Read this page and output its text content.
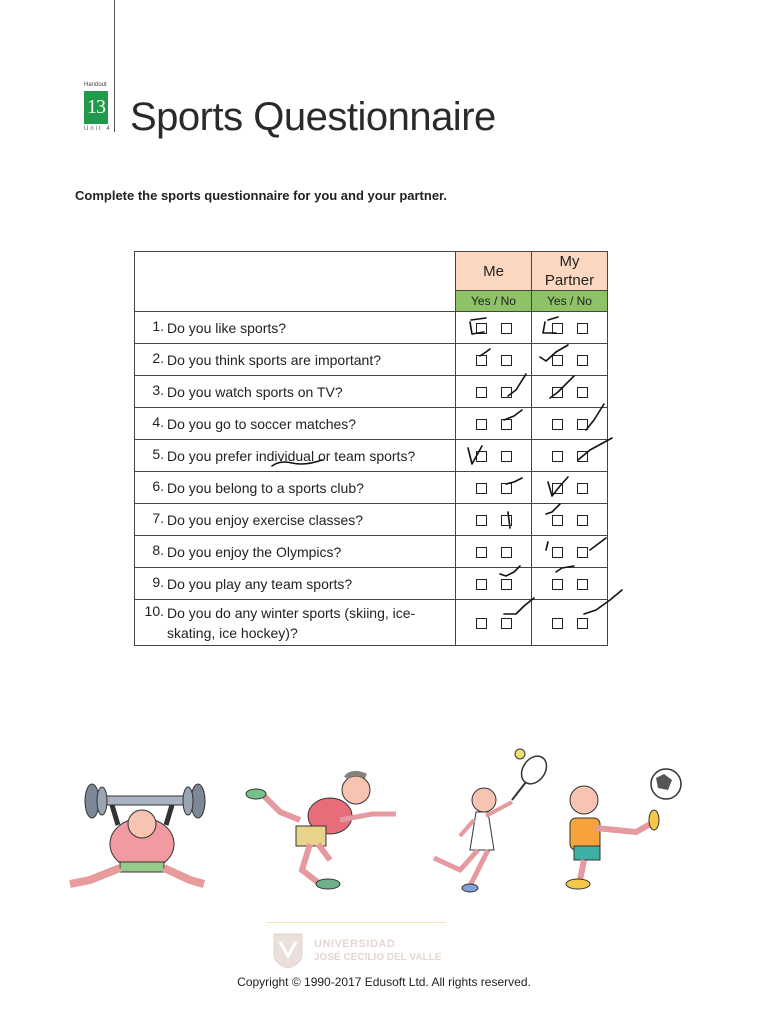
Handout
13
Unit 4 Sports Questionnaire
Complete the sports questionnaire for you and your partner.
	Me	My
Partner
	Yes / No	Yes / No
1. Do you like sports?		
2. Do you think sports are important?		
3. Do you watch sports on TV?		
4. Do you go to soccer matches?		
5. Do you prefer individual or team sports?		
6. Do you belong to a sports club?		
7. Do you enjoy exercise classes?		
8. Do you enjoy the Olympics?		
9. Do you play any team sports?		
10. Do you do any winter sports (skiing, ice-skating, ice hockey)?		
UNIVERSIDAD
JOSÉ CECILIO DEL VALLE
Copyright © 1990-2017 Edusoft Ltd. All rights reserved.
